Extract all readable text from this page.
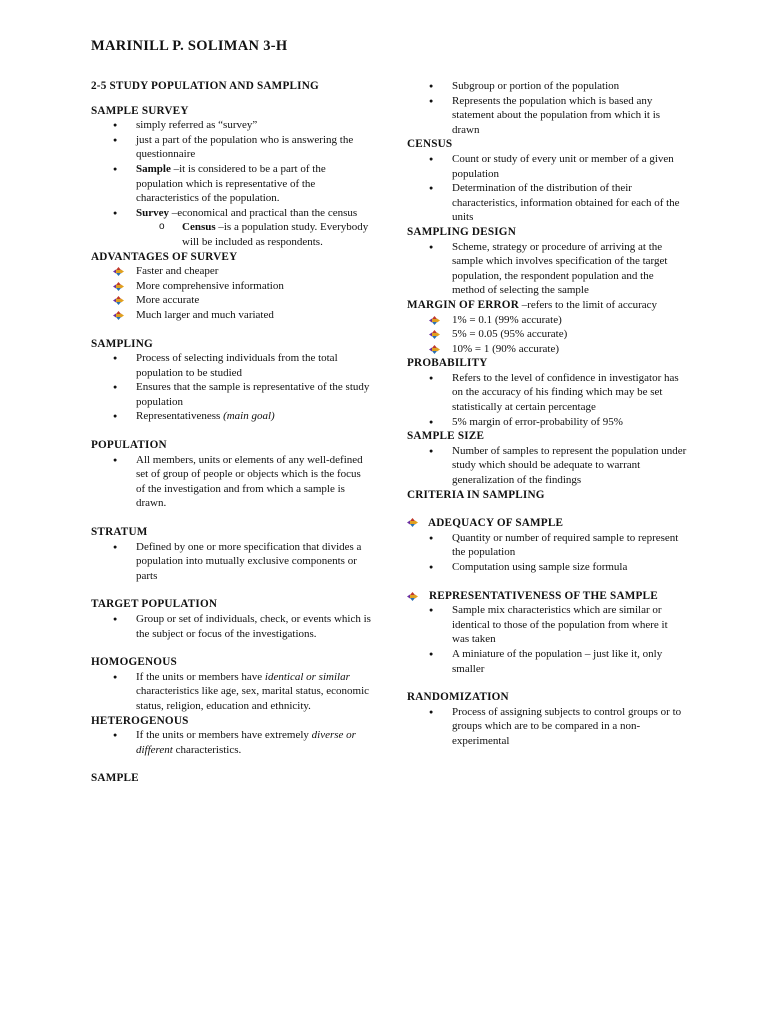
MARINILL P. SOLIMAN 3-H

2-5 STUDY POPULATION AND SAMPLING

SAMPLE SURVEY

● simply referred as “survey”
● just a part of the population who is answering the questionnaire
● Sample –it is considered to be a part of the population which is representative of the characteristics of the population.
● Survey –economical and practical than the census
o Census –is a population study. Everybody will be included as respondents.

ADVANTAGES OF SURVEY

Faster and cheaper
More comprehensive information
More accurate
Much larger and much variated

SAMPLING

● Process of selecting individuals from the total population to be studied
● Ensures that the sample is representative of the study population
● Representativeness (main goal)

POPULATION

● All members, units or elements of any well-defined set of group of people or objects which is the focus of the investigation and from which a sample is drawn.

STRATUM

● Defined by one or more specification that divides a population into mutually exclusive components or parts

TARGET POPULATION

● Group or set of individuals, check, or events which is the subject or focus of the investigations.

HOMOGENOUS

● If the units or members have identical or similar characteristics like age, sex, marital status, economic status, religion, education and ethnicity.

HETEROGENOUS

● If the units or members have extremely diverse or different characteristics.

SAMPLE

● Subgroup or portion of the population
● Represents the population which is based any statement about the population from which it is drawn

CENSUS

● Count or study of every unit or member of a given population
● Determination of the distribution of their characteristics, information obtained for each of the units

SAMPLING DESIGN

● Scheme, strategy or procedure of arriving at the sample which involves specification of the target population, the respondent population and the method of selecting the sample

MARGIN OF ERROR –refers to the limit of accuracy

1% = 0.1 (99% accurate)
5% = 0.05 (95% accurate)
10% = 1 (90% accurate)

PROBABILITY

● Refers to the level of confidence in investigator has on the accuracy of his finding which may be set statistically at certain percentage
● 5% margin of error-probability of 95%

SAMPLE SIZE

● Number of samples to represent the population under study which should be adequate to warrant generalization of the findings

CRITERIA IN SAMPLING

ADEQUACY OF SAMPLE

● Quantity or number of required sample to represent the population
● Computation using sample size formula

REPRESENTATIVENESS OF THE SAMPLE

● Sample mix characteristics which are similar or identical to those of the population from where it was taken
● A miniature of the population – just like it, only smaller

RANDOMIZATION

● Process of assigning subjects to control groups or to groups which are to be compared in a non-experimental
